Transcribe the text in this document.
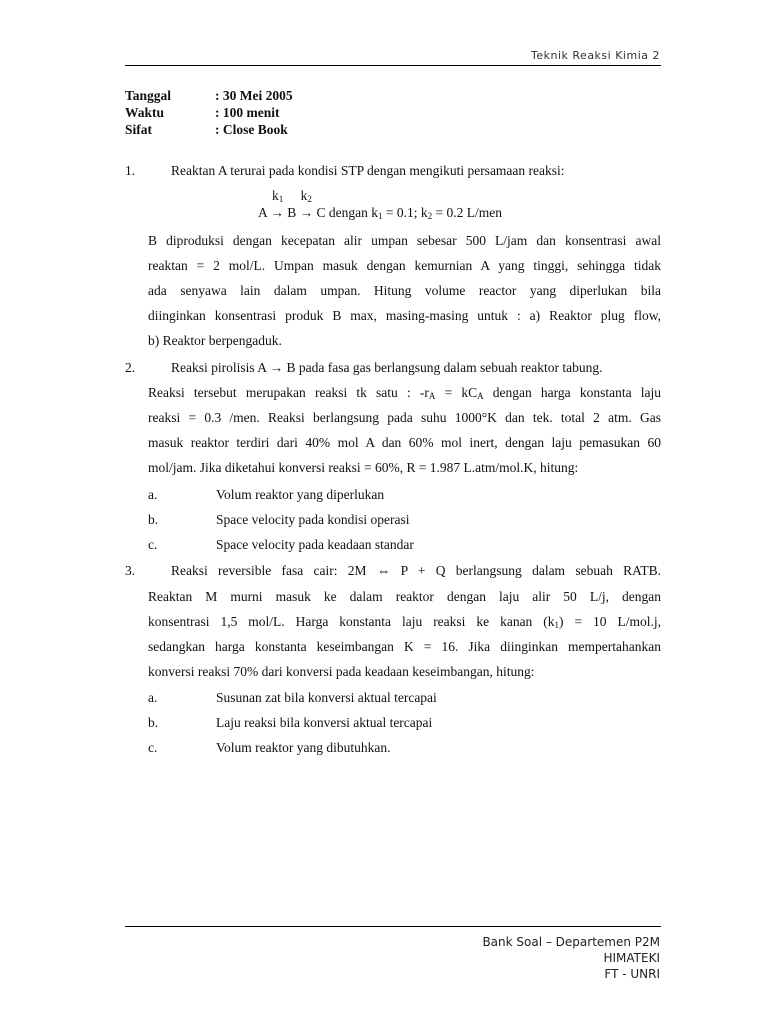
Teknik Reaksi Kimia 2
Tanggal	: 30 Mei 2005
Waktu	: 100 menit
Sifat	: Close Book
1.	Reaktan A terurai pada kondisi STP dengan mengikuti persamaan reaksi:
$k_1$ $k_2$
A → B → C dengan $k_1 = 0.1$; $k_2 = 0.2$ L/men
B diproduksi dengan kecepatan alir umpan sebesar 500 L/jam dan konsentrasi awal
reaktan = 2 mol/L. Umpan masuk dengan kemurnian A yang tinggi, sehingga tidak
ada senyawa lain dalam umpan. Hitung volume reactor yang diperlukan bila
diinginkan konsentrasi produk B max, masing-masing untuk : a) Reaktor plug flow,
b) Reaktor berpengaduk.
2.	Reaksi pirolisis A → B pada fasa gas berlangsung dalam sebuah reaktor tabung.
Reaksi tersebut merupakan reaksi tk satu : $-r_A = kC_A$ dengan harga konstanta laju
reaksi = 0.3 /men. Reaksi berlangsung pada suhu 1000°K dan tek. total 2 atm. Gas
masuk reaktor terdiri dari 40% mol A dan 60% mol inert, dengan laju pemasukan 60
mol/jam. Jika diketahui konversi reaksi = 60%, R = 1.987 L.atm/mol.K, hitung:
a.	Volum reaktor yang diperlukan
b.	Space velocity pada kondisi operasi
c.	Space velocity pada keadaan standar
3.	Reaksi reversible fasa cair: 2M ⇔ P + Q berlangsung dalam sebuah RATB.
Reaktan M murni masuk ke dalam reaktor dengan laju alir 50 L/j, dengan
konsentrasi 1,5 mol/L. Harga konstanta laju reaksi ke kanan $(k_1) = 10$ L/mol.j,
sedangkan harga konstanta keseimbangan K = 16. Jika diinginkan mempertahankan
konversi reaksi 70% dari konversi pada keadaan keseimbangan, hitung:
a.	Susunan zat bila konversi aktual tercapai
b.	Laju reaksi bila konversi aktual tercapai
c.	Volum reaktor yang dibutuhkan.
Bank Soal – Departemen P2M
HIMATEKI
FT - UNRI
